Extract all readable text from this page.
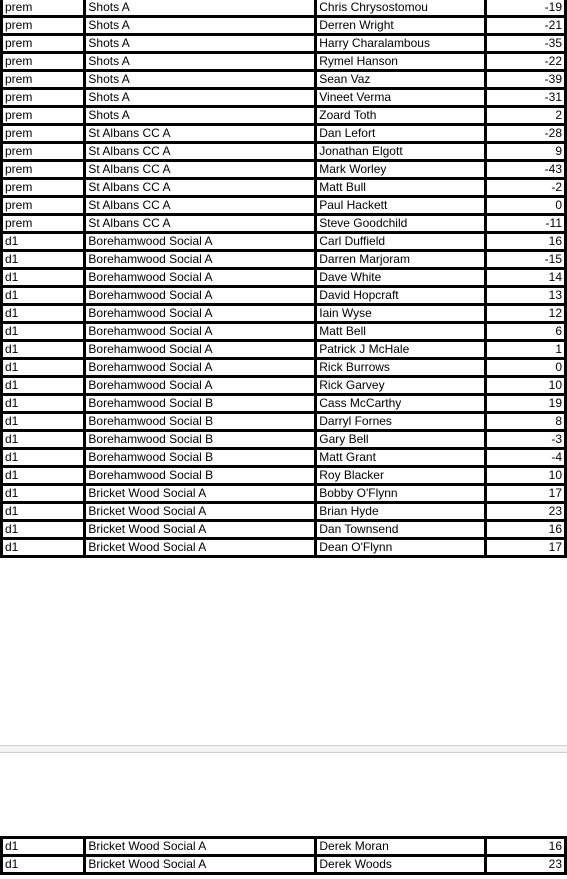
prem	Shots A	Chris Chrysostomou	-19
prem	Shots A	Derren Wright	-21
prem	Shots A	Harry Charalambous	-35
prem	Shots A	Rymel Hanson	-22
prem	Shots A	Sean Vaz	-39
prem	Shots A	Vineet Verma	-31
prem	Shots A	Zoard Toth	2
prem	St Albans CC A	Dan Lefort	-28
prem	St Albans CC A	Jonathan Elgott	9
prem	St Albans CC A	Mark Worley	-43
prem	St Albans CC A	Matt Bull	-2
prem	St Albans CC A	Paul Hackett	0
prem	St Albans CC A	Steve Goodchild	-11
d1	Borehamwood Social A	Carl Duffield	16
d1	Borehamwood Social A	Darren Marjoram	-15
d1	Borehamwood Social A	Dave White	14
d1	Borehamwood Social A	David Hopcraft	13
d1	Borehamwood Social A	Iain Wyse	12
d1	Borehamwood Social A	Matt Bell	6
d1	Borehamwood Social A	Patrick J McHale	1
d1	Borehamwood Social A	Rick Burrows	0
d1	Borehamwood Social A	Rick Garvey	10
d1	Borehamwood Social B	Cass McCarthy	19
d1	Borehamwood Social B	Darryl Fornes	8
d1	Borehamwood Social B	Gary Bell	-3
d1	Borehamwood Social B	Matt Grant	-4
d1	Borehamwood Social B	Roy Blacker	10
d1	Bricket Wood Social A	Bobby O'Flynn	17
d1	Bricket Wood Social A	Brian Hyde	23
d1	Bricket Wood Social A	Dan Townsend	16
d1	Bricket Wood Social A	Dean O'Flynn	17
d1	Bricket Wood Social A	Derek Moran	16
d1	Bricket Wood Social A	Derek Woods	23
